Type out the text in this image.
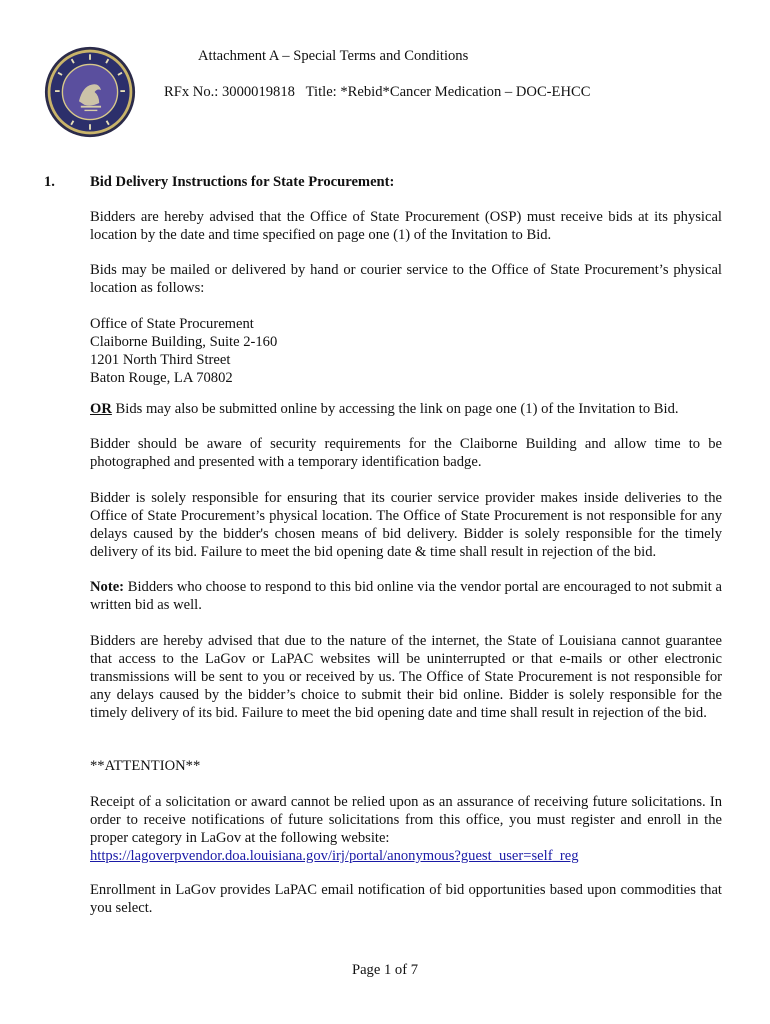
Attachment A – Special Terms and Conditions
RFx No.: 3000019818   Title: *Rebid*Cancer Medication – DOC-EHCC
1. Bid Delivery Instructions for State Procurement:

Bidders are hereby advised that the Office of State Procurement (OSP) must receive bids at its physical location by the date and time specified on page one (1) of the Invitation to Bid.

Bids may be mailed or delivered by hand or courier service to the Office of State Procurement’s physical location as follows:

Office of State Procurement

Claiborne Building, Suite 2-160

1201 North Third Street

Baton Rouge, LA 70802

OR Bids may also be submitted online by accessing the link on page one (1) of the Invitation to Bid.

Bidder should be aware of security requirements for the Claiborne Building and allow time to be photographed and presented with a temporary identification badge.

Bidder is solely responsible for ensuring that its courier service provider makes inside deliveries to the Office of State Procurement’s physical location. The Office of State Procurement is not responsible for any delays caused by the bidder's chosen means of bid delivery. Bidder is solely responsible for the timely delivery of its bid. Failure to meet the bid opening date & time shall result in rejection of the bid.

Note: Bidders who choose to respond to this bid online via the vendor portal are encouraged to not submit a written bid as well.

Bidders are hereby advised that due to the nature of the internet, the State of Louisiana cannot guarantee that access to the LaGov or LaPAC websites will be uninterrupted or that e-mails or other electronic transmissions will be sent to you or received by us. The Office of State Procurement is not responsible for any delays caused by the bidder’s choice to submit their bid online. Bidder is solely responsible for the timely delivery of its bid. Failure to meet the bid opening date and time shall result in rejection of the bid.

**ATTENTION**

Receipt of a solicitation or award cannot be relied upon as an assurance of receiving future solicitations. In order to receive notifications of future solicitations from this office, you must register and enroll in the proper category in LaGov at the following website:

https://lagoverpvendor.doa.louisiana.gov/irj/portal/anonymous?guest_user=self_reg

Enrollment in LaGov provides LaPAC email notification of bid opportunities based upon commodities that you select.

Page 1 of 7
